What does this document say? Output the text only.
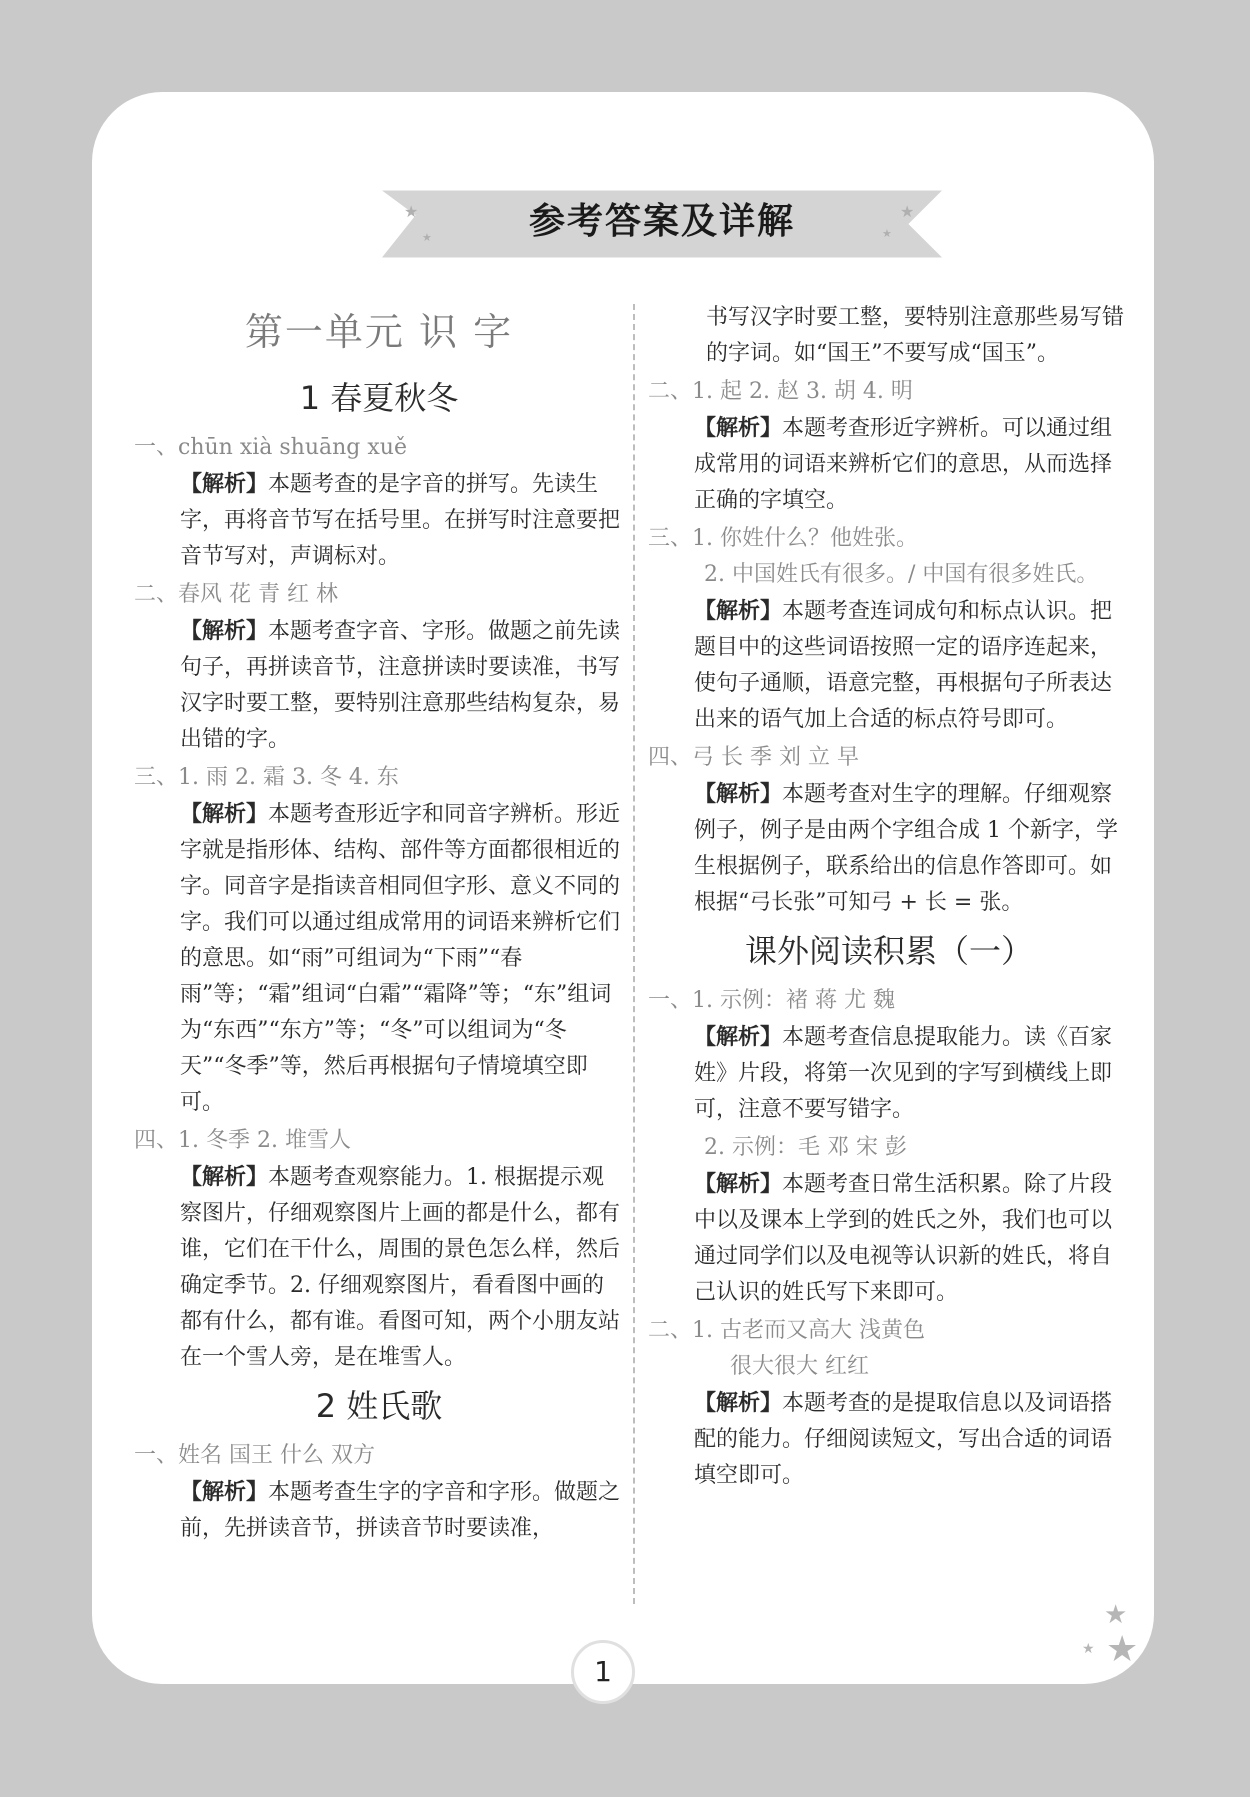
★
★
★
★
参考答案及详解
第一单元 识 字
1 春夏秋冬

一、chūn xià shuāng xuě

【解析】本题考查的是字音的拼写。先读生字，再将音节写在括号里。在拼写时注意要把音节写对，声调标对。

二、春风 花 青 红 林

【解析】本题考查字音、字形。做题之前先读句子，再拼读音节，注意拼读时要读准，书写汉字时要工整，要特别注意那些结构复杂，易出错的字。

三、1. 雨 2. 霜 3. 冬 4. 东

【解析】本题考查形近字和同音字辨析。形近字就是指形体、结构、部件等方面都很相近的字。同音字是指读音相同但字形、意义不同的字。我们可以通过组成常用的词语来辨析它们的意思。如“雨”可组词为“下雨”“春雨”等；“霜”组词“白霜”“霜降”等；“东”组词为“东西”“东方”等；“冬”可以组词为“冬天”“冬季”等，然后再根据句子情境填空即可。

四、1. 冬季 2. 堆雪人

【解析】本题考查观察能力。1. 根据提示观察图片，仔细观察图片上画的都是什么，都有谁，它们在干什么，周围的景色怎么样，然后确定季节。2. 仔细观察图片，看看图中画的都有什么，都有谁。看图可知，两个小朋友站在一个雪人旁，是在堆雪人。

2 姓氏歌

一、姓名 国王 什么 双方

【解析】本题考查生字的字音和字形。做题之前，先拼读音节，拼读音节时要读准，

书写汉字时要工整，要特别注意那些易写错的字词。如“国王”不要写成“国玉”。

二、1. 起 2. 赵 3. 胡 4. 明

【解析】本题考查形近字辨析。可以通过组成常用的词语来辨析它们的意思，从而选择正确的字填空。

三、1. 你姓什么？他姓张。

2. 中国姓氏有很多。/ 中国有很多姓氏。

【解析】本题考查连词成句和标点认识。把题目中的这些词语按照一定的语序连起来，使句子通顺，语意完整，再根据句子所表达出来的语气加上合适的标点符号即可。

四、弓 长 季 刘 立 早

【解析】本题考查对生字的理解。仔细观察例子，例子是由两个字组合成 1 个新字，学生根据例子，联系给出的信息作答即可。如根据“弓长张”可知弓 + 长 = 张。

课外阅读积累（一）

一、1. 示例：褚 蒋 尤 魏

【解析】本题考查信息提取能力。读《百家姓》片段，将第一次见到的字写到横线上即可，注意不要写错字。

2. 示例：毛 邓 宋 彭

【解析】本题考查日常生活积累。除了片段中以及课本上学到的姓氏之外，我们也可以通过同学们以及电视等认识新的姓氏，将自己认识的姓氏写下来即可。

二、1. 古老而又高大 浅黄色

很大很大 红红

【解析】本题考查的是提取信息以及词语搭配的能力。仔细阅读短文，写出合适的词语填空即可。

★
★ ★
1
